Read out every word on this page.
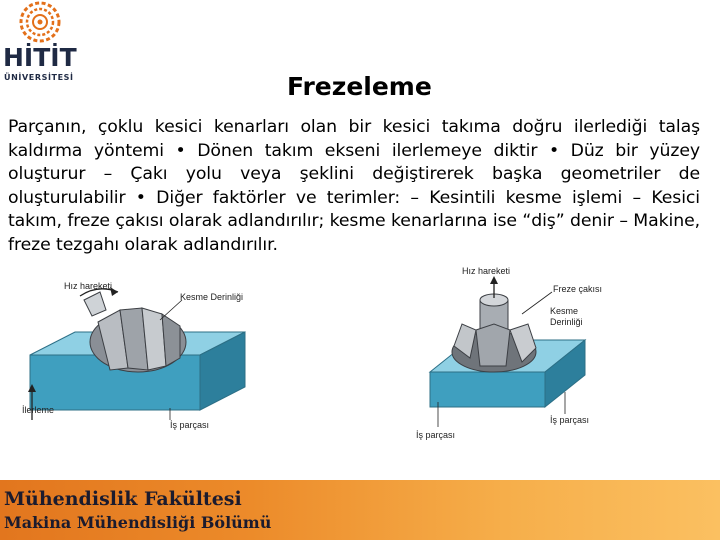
HİTİT
ÜNİVERSİTESİ	Frezeleme
Parçanın, çoklu kesici kenarları olan bir kesici takıma doğru ilerlediği talaş kaldırma yöntemi • Dönen takım ekseni ilerlemeye diktir • Düz bir yüzey oluşturur – Çakı yolu veya şeklini değiştirerek başka geometriler de oluşturulabilir • Diğer faktörler ve terimler: – Kesintili kesme işlemi – Kesici takım, freze çakısı olarak adlandırılır; kesme kenarlarına ise “diş” denir – Makine, freze tezgahı olarak adlandırılır.
Hız hareketi
Kesme Derinliği
İlerleme
İş parçası
Hız hareketi
Freze çakısı
Kesme
Derinliği
İş parçası
İş parçası
Mühendislik Fakültesi
Makina Mühendisliği Bölümü
